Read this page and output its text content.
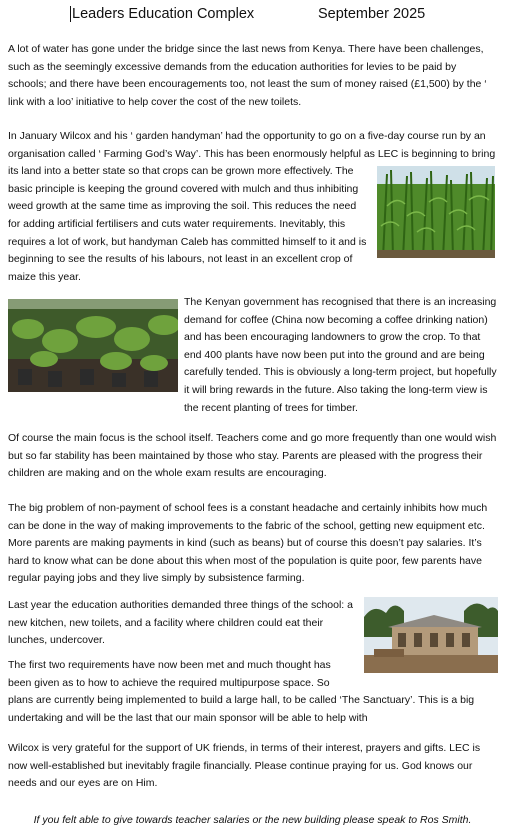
Leaders Education Complex	September 2025

A lot of water has gone under the bridge since the last news from Kenya. There have been challenges, such as the seemingly excessive demands from the education authorities for levies to be paid by schools; and there have been encouragements too, not least the sum of money raised (£1,500) by the ‘ link with a loo’ initiative to help cover the cost of the new toilets.

In January Wilcox and his ‘ garden handyman’ had the opportunity to go on a five-day course run by an organisation called ‘ Farming God’s Way’. This has been enormously helpful as LEC is beginning to bring its land into a better state so that crops can be grown more effectively. The basic principle is keeping the ground covered with mulch and thus inhibiting weed growth at the same time as improving the soil. This reduces the need for adding artificial fertilisers and cuts water requirements. Inevitably, this requires a lot of work, but handyman Caleb has committed himself to it and is beginning to see the results of his labours, not least in an excellent crop of maize this year.

The Kenyan government has recognised that there is an increasing demand for coffee (China now becoming a coffee drinking nation) and has been encouraging landowners to grow the crop. To that end 400 plants have now been put into the ground and are being carefully tended. This is obviously a long-term project, but hopefully it will bring rewards in the future. Also taking the long-term view is the recent planting of trees for timber.

Of course the main focus is the school itself. Teachers come and go more frequently than one would wish but so far stability has been maintained by those who stay. Parents are pleased with the progress their children are making and on the whole exam results are encouraging.

The big problem of non-payment of school fees is a constant headache and certainly inhibits how much can be done in the way of making improvements to the fabric of the school, getting new equipment etc. More parents are making payments in kind (such as beans) but of course this doesn’t pay salaries. It’s hard to know what can be done about this when most of the population is quite poor, few parents have regular paying jobs and they live simply by subsistence farming.

Last year the education authorities demanded three things of the school: a new kitchen, new toilets, and a facility where children could eat their lunches, undercover.

The first two requirements have now been met and much thought has been given as to how to achieve the required multipurpose space. So plans are currently being implemented to build a large hall, to be called ‘The Sanctuary’. This is a big undertaking and will be the last that our main sponsor will be able to help with

Wilcox is very grateful for the support of UK friends, in terms of their interest, prayers and gifts. LEC is now well-established but inevitably fragile financially. Please continue praying for us. God knows our needs and our eyes are on Him.

If you felt able to give towards teacher salaries or the new building please speak to Ros Smith.
